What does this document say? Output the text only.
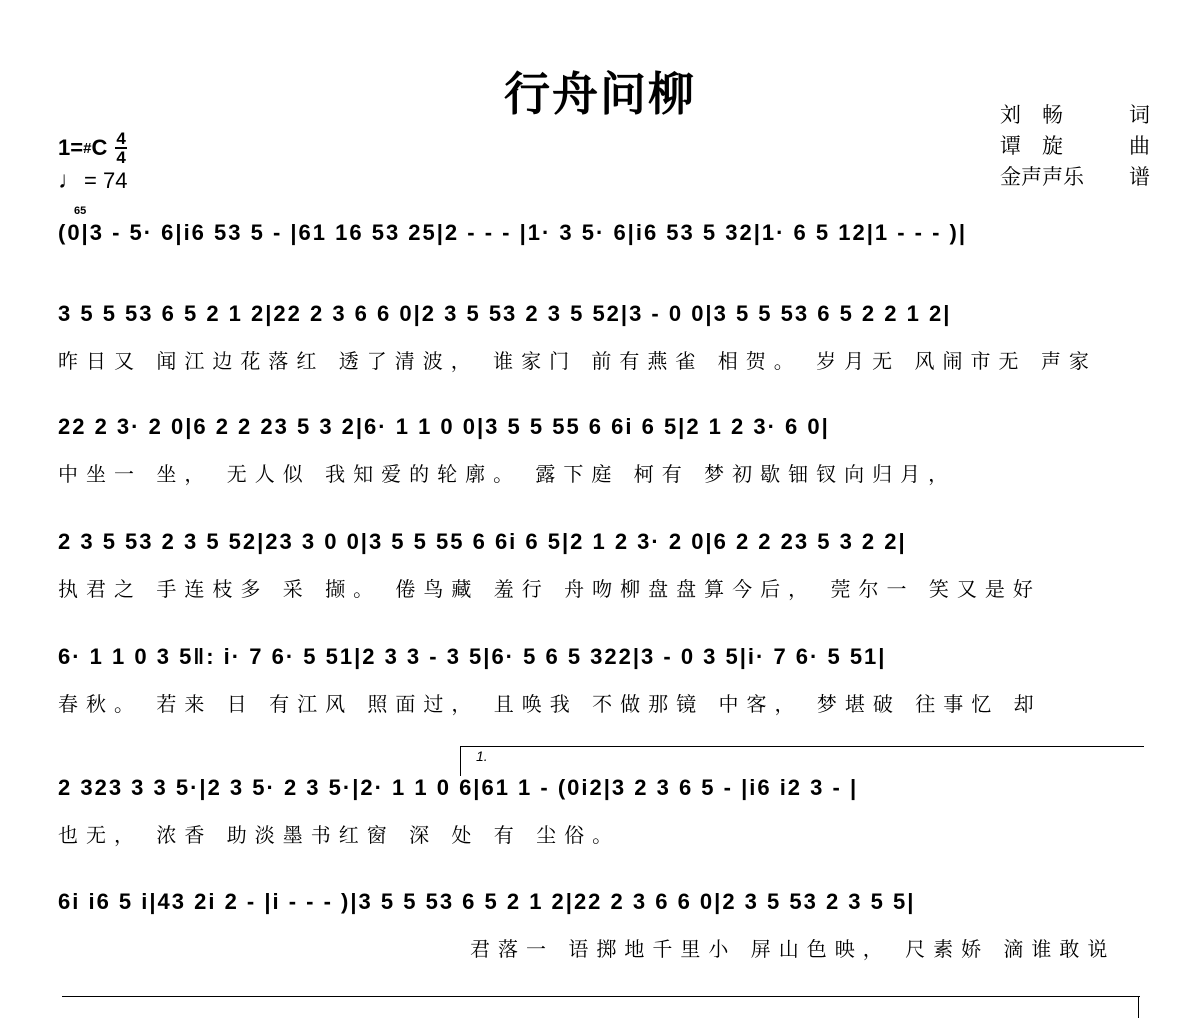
行舟问柳	刘　畅	词
谭　旋	曲
金声声乐 谱
1= # C 4
4
♩ = 74
65
(0|3 - 5· 6|i6 53 5 - |61 16 53 25|2 - - - |1· 3 5· 6|i6 53 5 32|1· 6 5 12|1 - - - )|
3 5 5 53 6 5 2 1 2|22 2 3 6 6 0|2 3 5 53 2 3 5 52|3 - 0 0|3 5 5 53 6 5 2 2 1 2|
昨日又 闻江边花落红 透了清波， 谁家门 前有燕雀 相贺。 岁月无 风闹市无 声家
22 2 3· 2 0|6 2 2 23 5 3 2|6· 1 1 0 0|3 5 5 55 6 6i 6 5|2 1 2 3· 6 0|
中坐一 坐， 无人似 我知爱的轮廓。 露下庭 柯有 梦初歇钿钗向归月，
2 3 5 53 2 3 5 52|23 3 0 0|3 5 5 55 6 6i 6 5|2 1 2 3· 2 0|6 2 2 23 5 3 2 2|
执君之 手连枝多 采 撷。 倦鸟藏 羞行 舟吻柳盘盘算今后， 莞尔一 笑又是好
6· 1 1 0 3 5‖: i· 7 6· 5 51|2 3 3 - 3 5|6· 5 6 5 322|3 - 0 3 5|i· 7 6· 5 51|
春秋。 若来 日 有江风 照面过， 且唤我 不做那镜 中客， 梦堪破 往事忆 却
1.
2 323 3 3 5·|2 3 5· 2 3 5·|2· 1 1 0 6|61 1 - (0i2|3 2 3 6 5 - |i6 i2 3 - |
也无， 浓香 助淡墨书红窗 深 处 有 尘俗。
6i i6 5 i|43 2i 2 - |i - - - )|3 5 5 53 6 5 2 1 2|22 2 3 6 6 0|2 3 5 53 2 3 5 5|
君落一 语掷地千里小 屏山色映， 尺素娇 滴谁敢说
